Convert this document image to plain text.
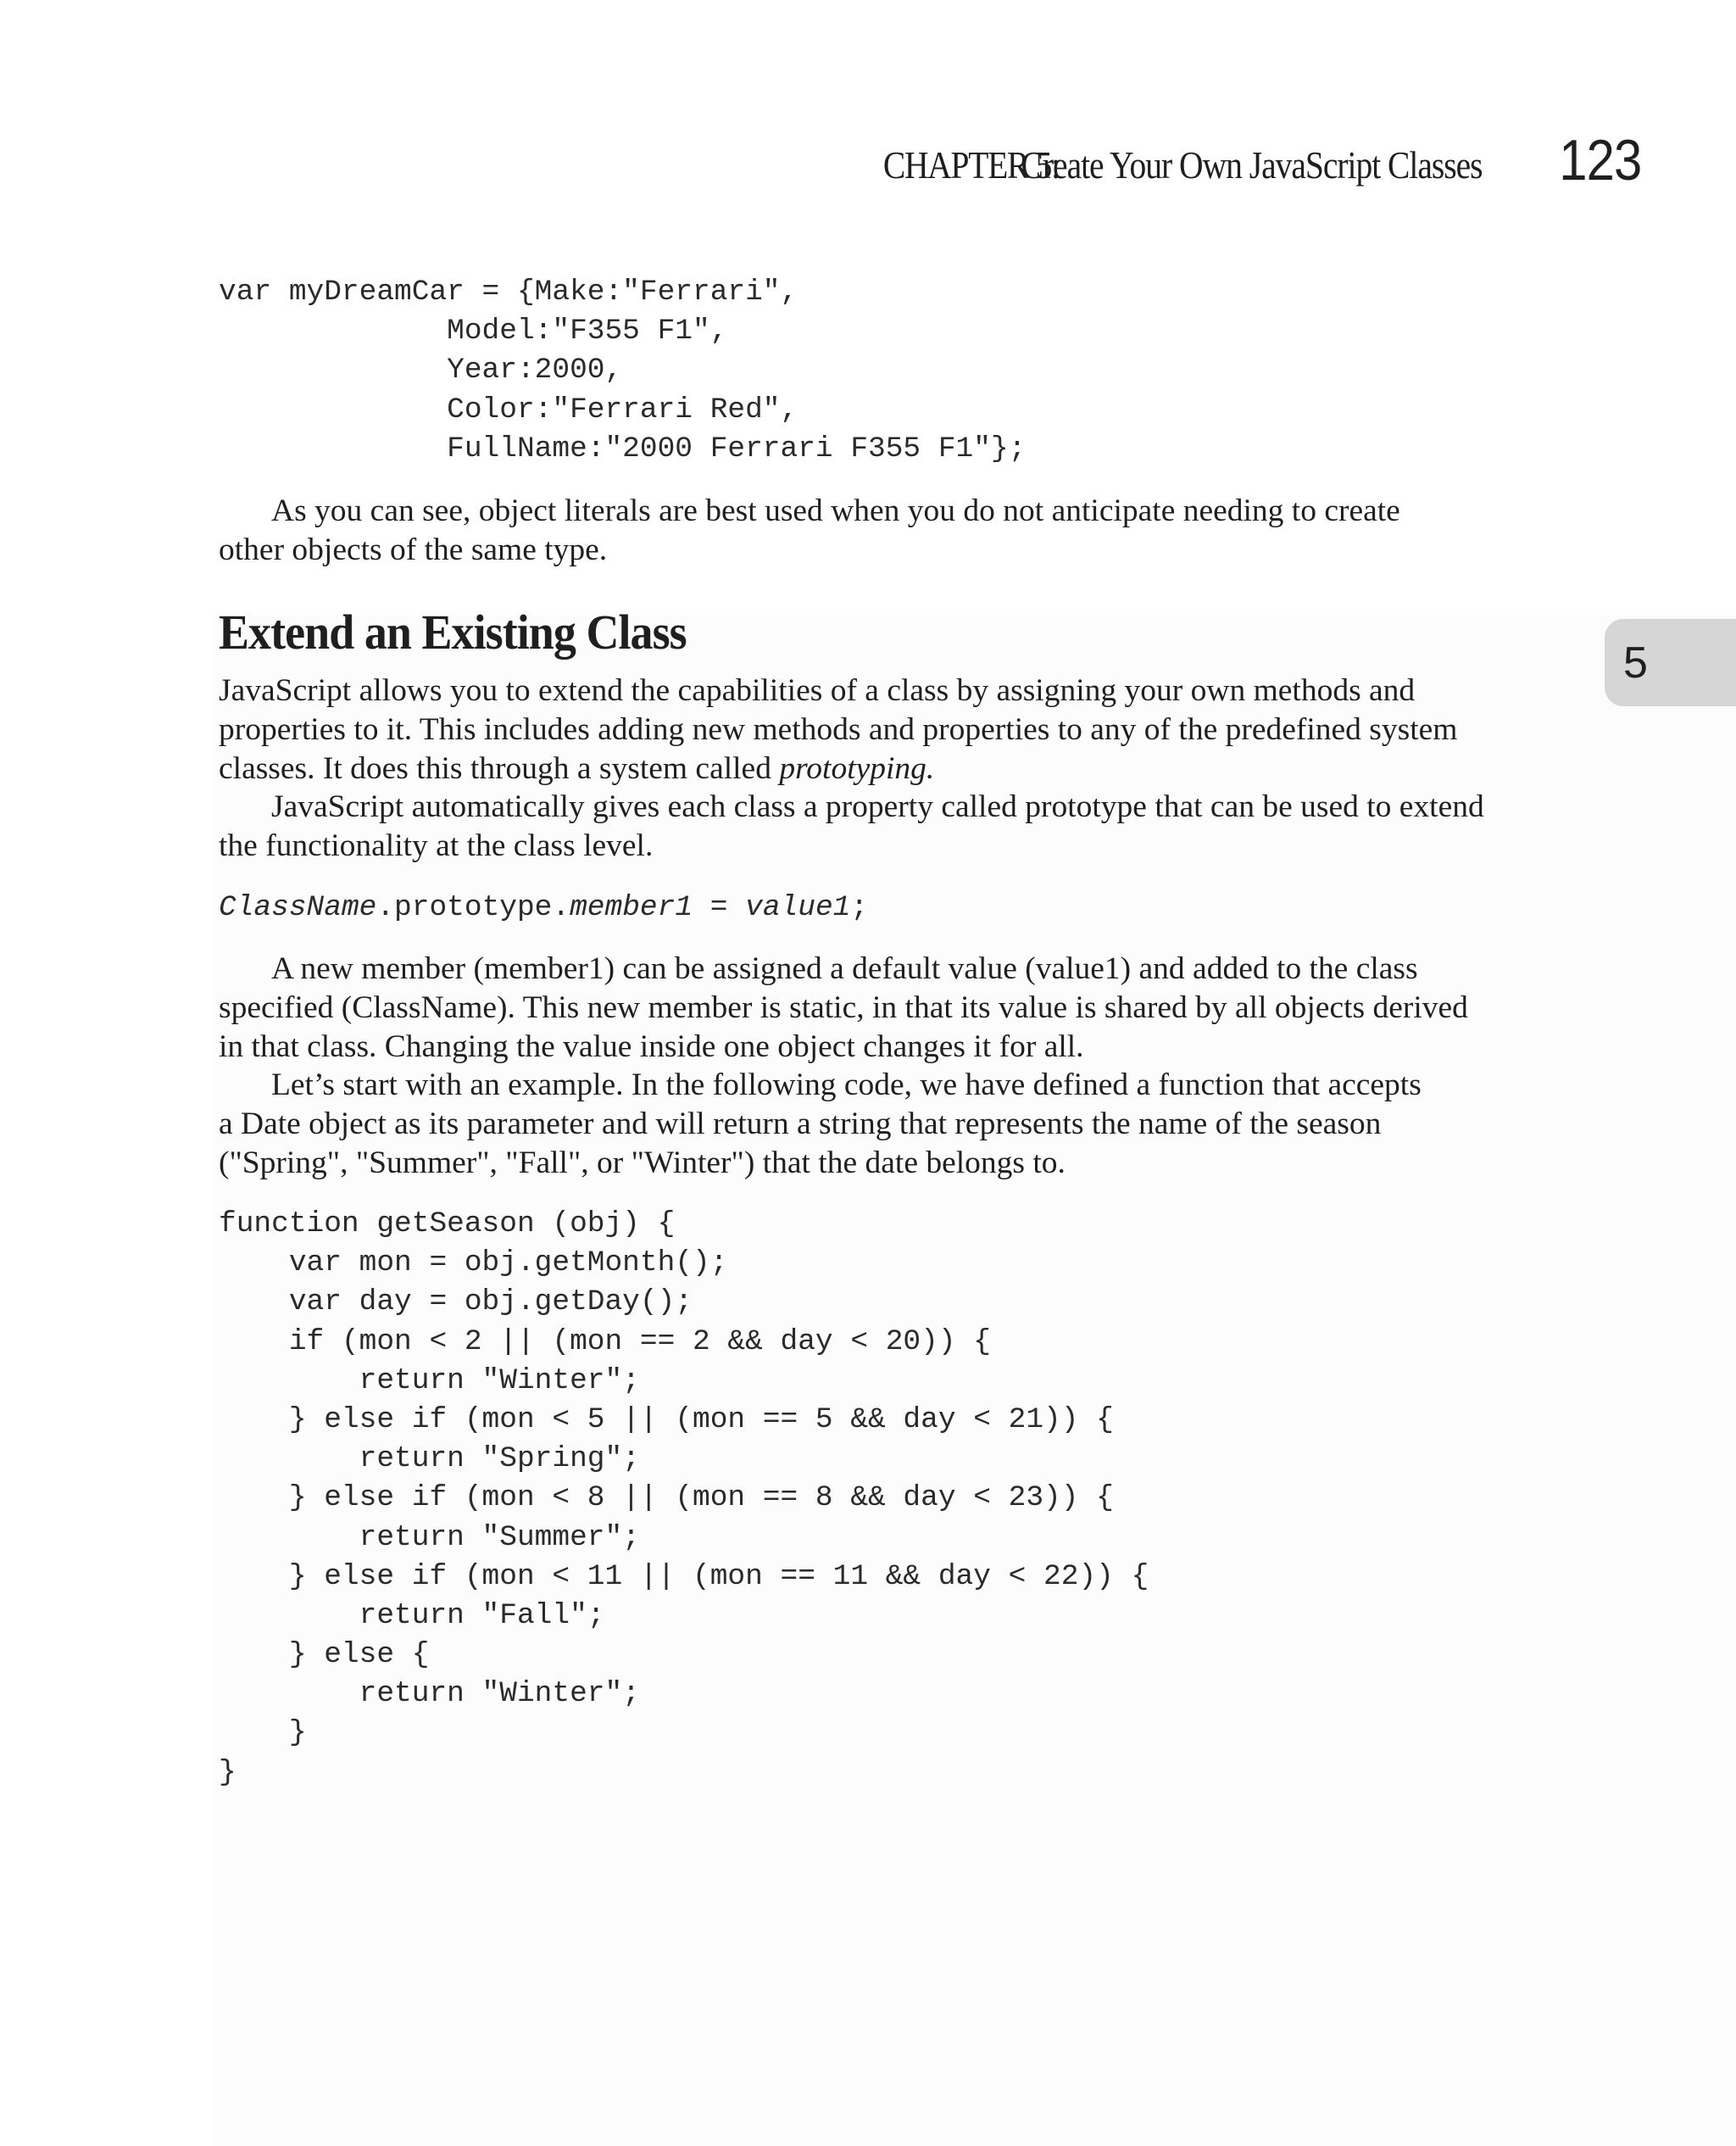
CHAPTER 5:
Create Your Own JavaScript Classes 123
5
var myDreamCar = {Make:"Ferrari",
Model:"F355 F1",
Year:2000,
Color:"Ferrari Red",
FullName:"2000 Ferrari F355 F1"};

As you can see, object literals are best used when you do not anticipate needing to create

other objects of the same type.

Extend an Existing Class

JavaScript allows you to extend the capabilities of a class by assigning your own methods and

properties to it. This includes adding new methods and properties to any of the predefined system

classes. It does this through a system called prototyping.

JavaScript automatically gives each class a property called prototype that can be used to extend

the functionality at the class level.

ClassName.prototype.member1 = value1;

A new member (member1) can be assigned a default value (value1) and added to the class

specified (ClassName). This new member is static, in that its value is shared by all objects derived

in that class. Changing the value inside one object changes it for all.

Let’s start with an example. In the following code, we have defined a function that accepts

a Date object as its parameter and will return a string that represents the name of the season

("Spring", "Summer", "Fall", or "Winter") that the date belongs to.

function getSeason (obj) {
var mon = obj.getMonth();
var day = obj.getDay();
if (mon < 2 || (mon == 2 && day < 20)) {
return "Winter";
} else if (mon < 5 || (mon == 5 && day < 21)) {
return "Spring";
} else if (mon < 8 || (mon == 8 && day < 23)) {
return "Summer";
} else if (mon < 11 || (mon == 11 && day < 22)) {
return "Fall";
} else {
return "Winter";
}
}
